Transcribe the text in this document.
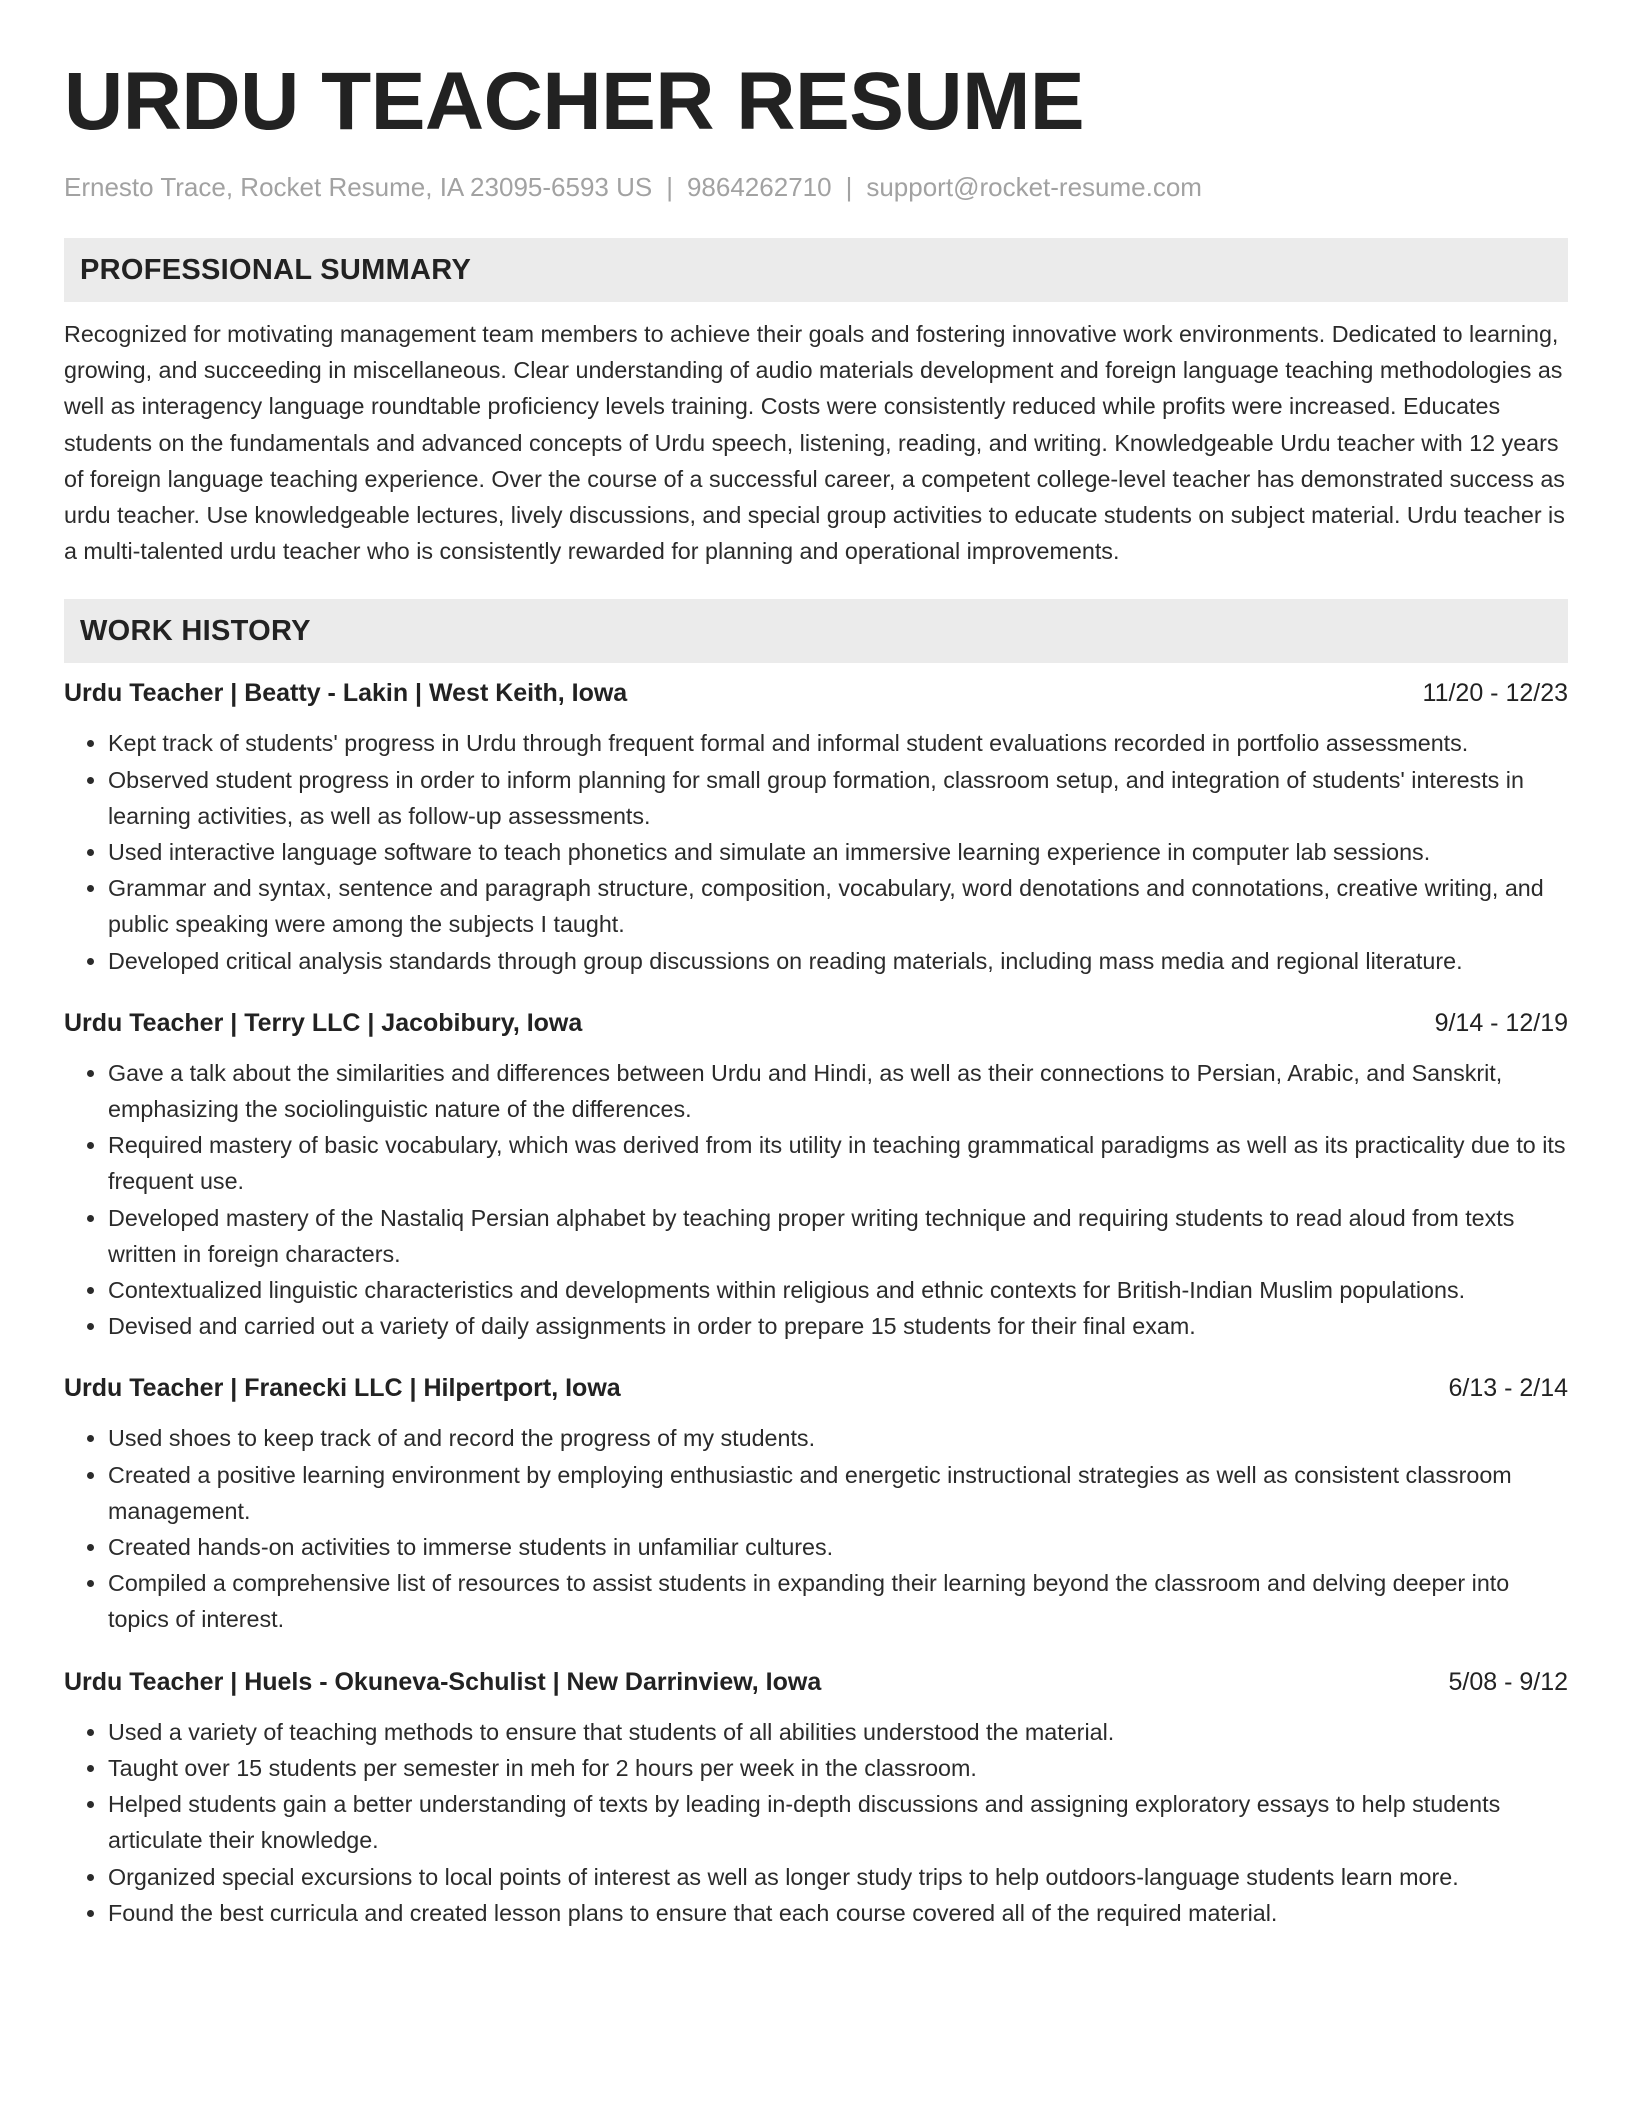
URDU TEACHER RESUME
Ernesto Trace, Rocket Resume, IA 23095-6593 US | 9864262710 | support@rocket-resume.com
PROFESSIONAL SUMMARY
Recognized for motivating management team members to achieve their goals and fostering innovative work environments. Dedicated to learning, growing, and succeeding in miscellaneous. Clear understanding of audio materials development and foreign language teaching methodologies as well as interagency language roundtable proficiency levels training. Costs were consistently reduced while profits were increased. Educates students on the fundamentals and advanced concepts of Urdu speech, listening, reading, and writing. Knowledgeable Urdu teacher with 12 years of foreign language teaching experience. Over the course of a successful career, a competent college-level teacher has demonstrated success as urdu teacher. Use knowledgeable lectures, lively discussions, and special group activities to educate students on subject material. Urdu teacher is a multi-talented urdu teacher who is consistently rewarded for planning and operational improvements.
WORK HISTORY
Urdu Teacher | Beatty - Lakin | West Keith, Iowa	11/20 - 12/23
• Kept track of students' progress in Urdu through frequent formal and informal student evaluations recorded in portfolio assessments.
• Observed student progress in order to inform planning for small group formation, classroom setup, and integration of students' interests in learning activities, as well as follow-up assessments.
• Used interactive language software to teach phonetics and simulate an immersive learning experience in computer lab sessions.
• Grammar and syntax, sentence and paragraph structure, composition, vocabulary, word denotations and connotations, creative writing, and public speaking were among the subjects I taught.
• Developed critical analysis standards through group discussions on reading materials, including mass media and regional literature.
Urdu Teacher | Terry LLC | Jacobibury, Iowa	9/14 - 12/19
• Gave a talk about the similarities and differences between Urdu and Hindi, as well as their connections to Persian, Arabic, and Sanskrit, emphasizing the sociolinguistic nature of the differences.
• Required mastery of basic vocabulary, which was derived from its utility in teaching grammatical paradigms as well as its practicality due to its frequent use.
• Developed mastery of the Nastaliq Persian alphabet by teaching proper writing technique and requiring students to read aloud from texts written in foreign characters.
• Contextualized linguistic characteristics and developments within religious and ethnic contexts for British-Indian Muslim populations.
• Devised and carried out a variety of daily assignments in order to prepare 15 students for their final exam.
Urdu Teacher | Franecki LLC | Hilpertport, Iowa	6/13 - 2/14
• Used shoes to keep track of and record the progress of my students.
• Created a positive learning environment by employing enthusiastic and energetic instructional strategies as well as consistent classroom management.
• Created hands-on activities to immerse students in unfamiliar cultures.
• Compiled a comprehensive list of resources to assist students in expanding their learning beyond the classroom and delving deeper into topics of interest.
Urdu Teacher | Huels - Okuneva-Schulist | New Darrinview, Iowa	5/08 - 9/12
• Used a variety of teaching methods to ensure that students of all abilities understood the material.
• Taught over 15 students per semester in meh for 2 hours per week in the classroom.
• Helped students gain a better understanding of texts by leading in-depth discussions and assigning exploratory essays to help students articulate their knowledge.
• Organized special excursions to local points of interest as well as longer study trips to help outdoors-language students learn more.
• Found the best curricula and created lesson plans to ensure that each course covered all of the required material.
